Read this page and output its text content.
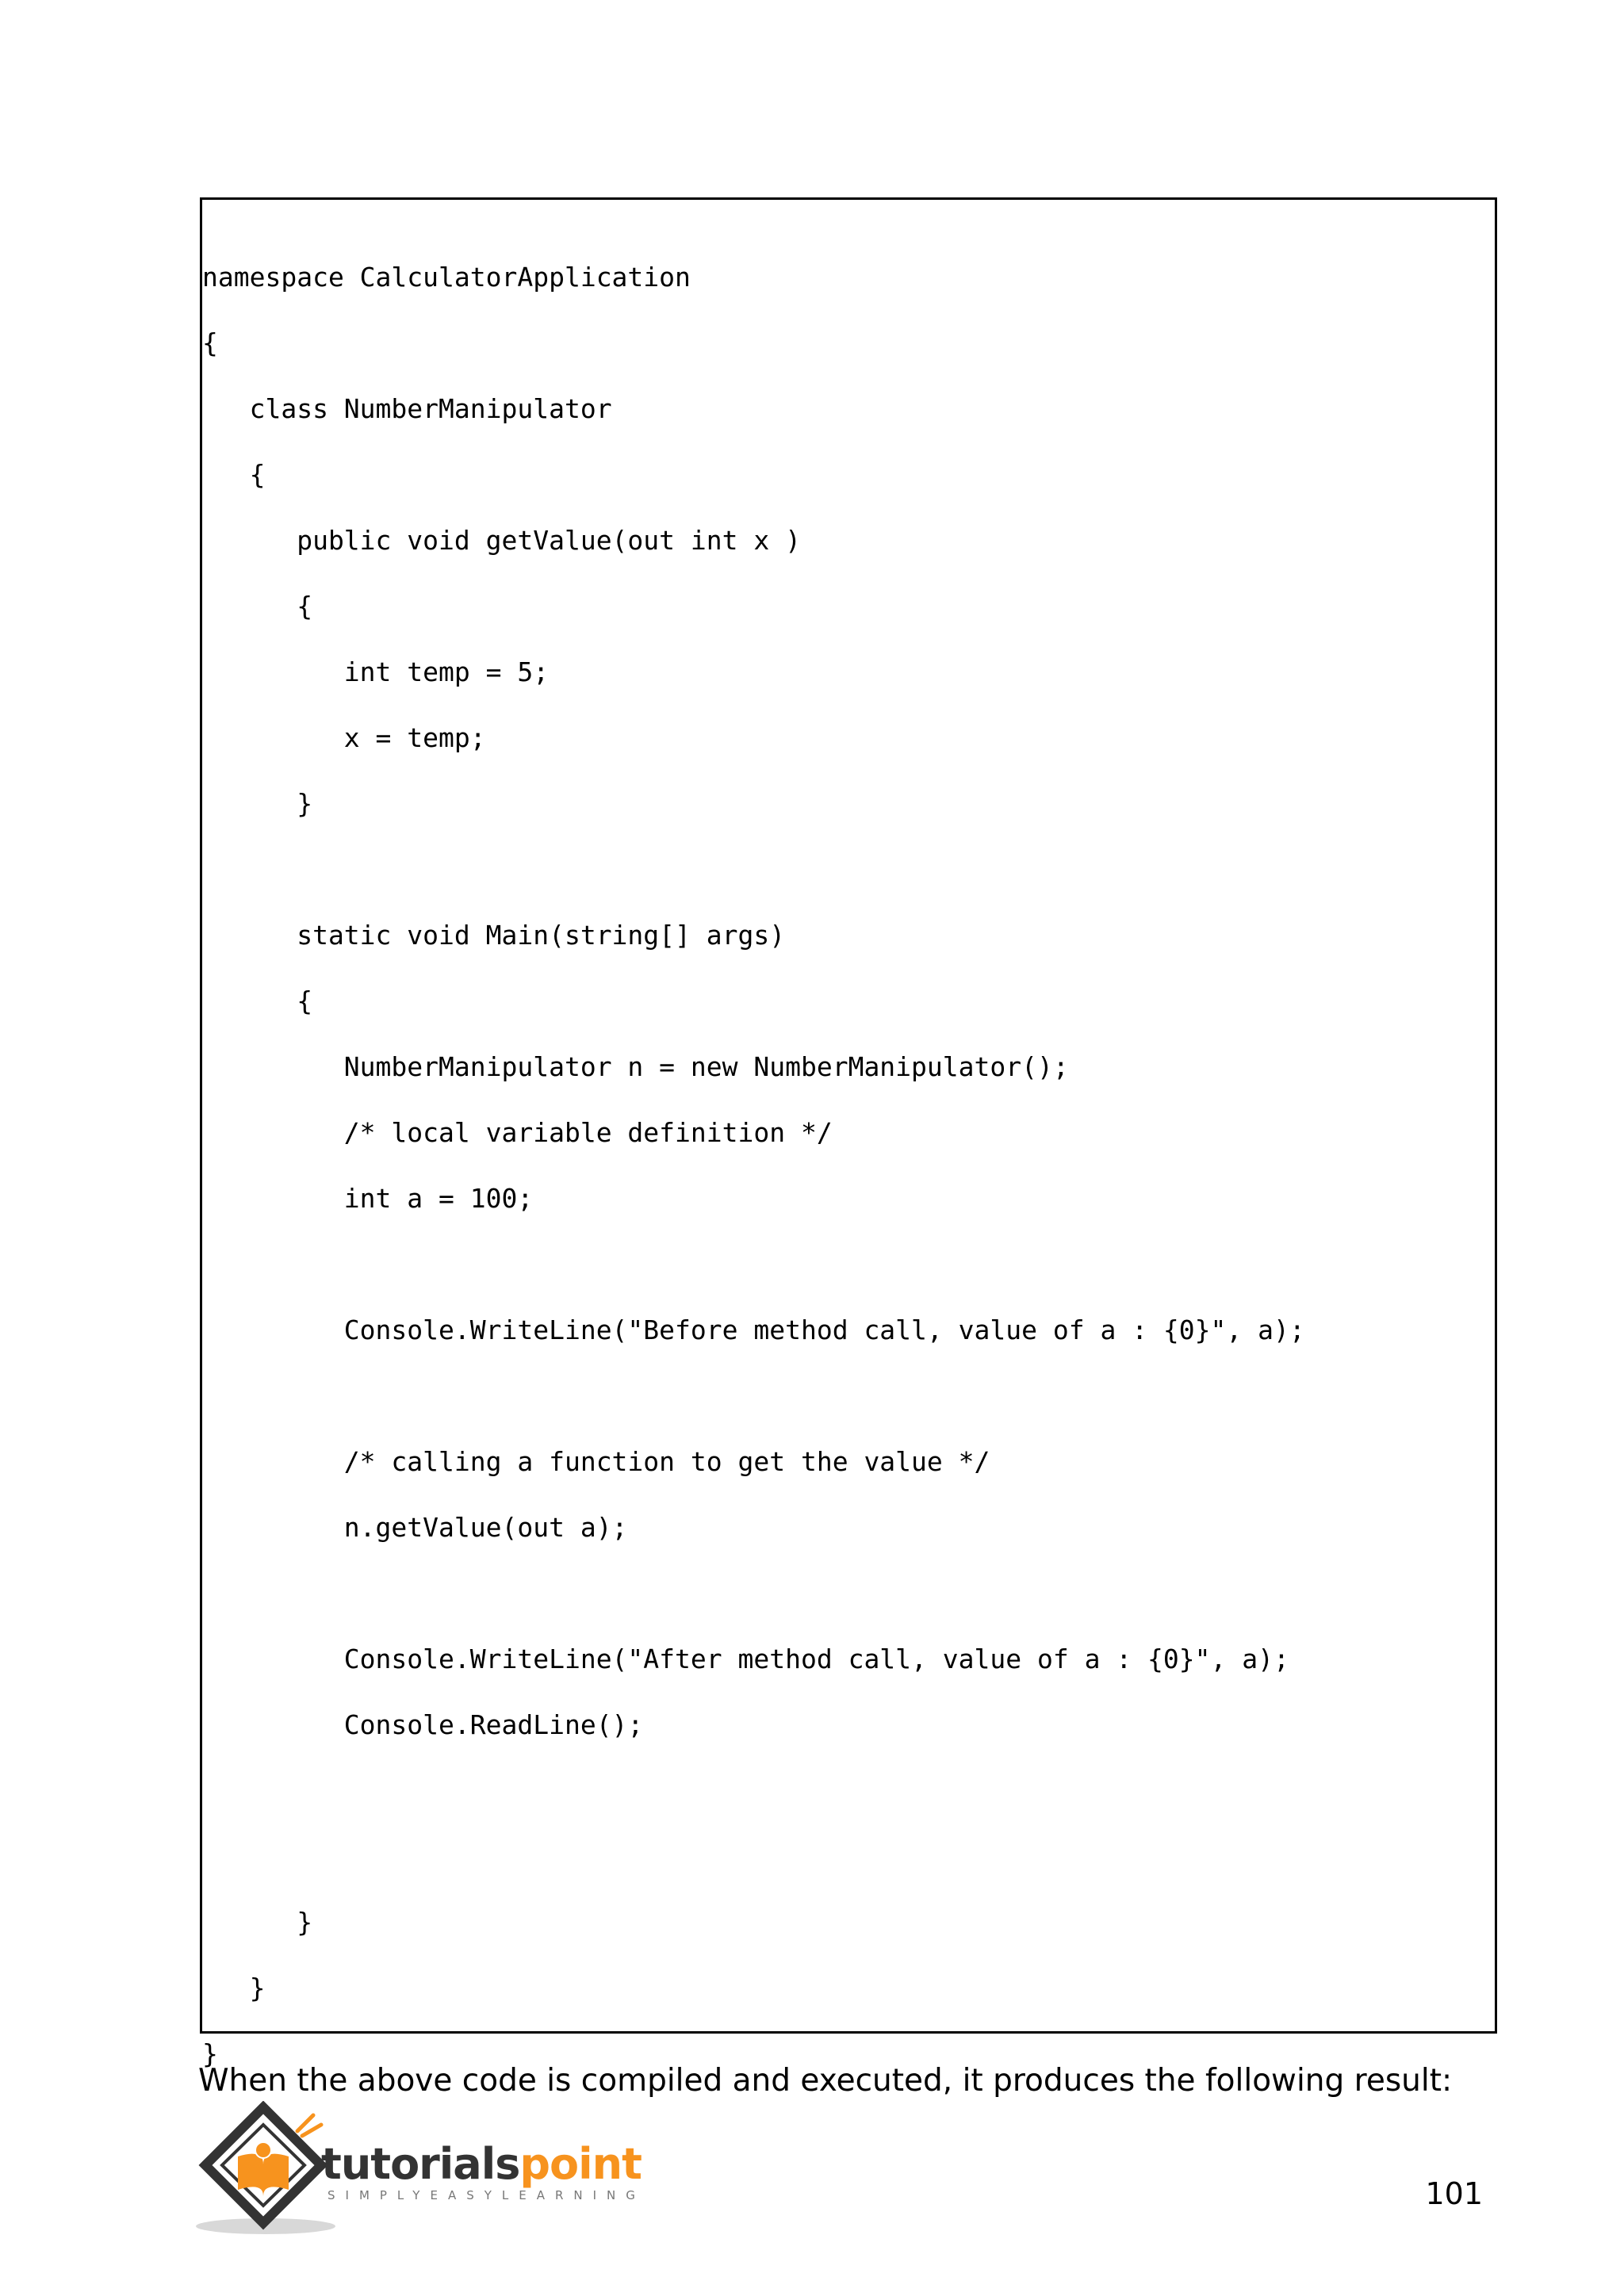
namespace CalculatorApplication
{
class NumberManipulator
{
public void getValue(out int x )
{
int temp = 5;
x = temp;
}
static void Main(string[] args)
{
NumberManipulator n = new NumberManipulator();
/* local variable definition */
int a = 100;
Console.WriteLine("Before method call, value of a : {0}", a);
/* calling a function to get the value */
n.getValue(out a);
Console.WriteLine("After method call, value of a : {0}", a);
Console.ReadLine();
}
}
}
When the above code is compiled and executed, it produces the following result:
tutorialspoint
SIMPLYEASYLEARNING	101
